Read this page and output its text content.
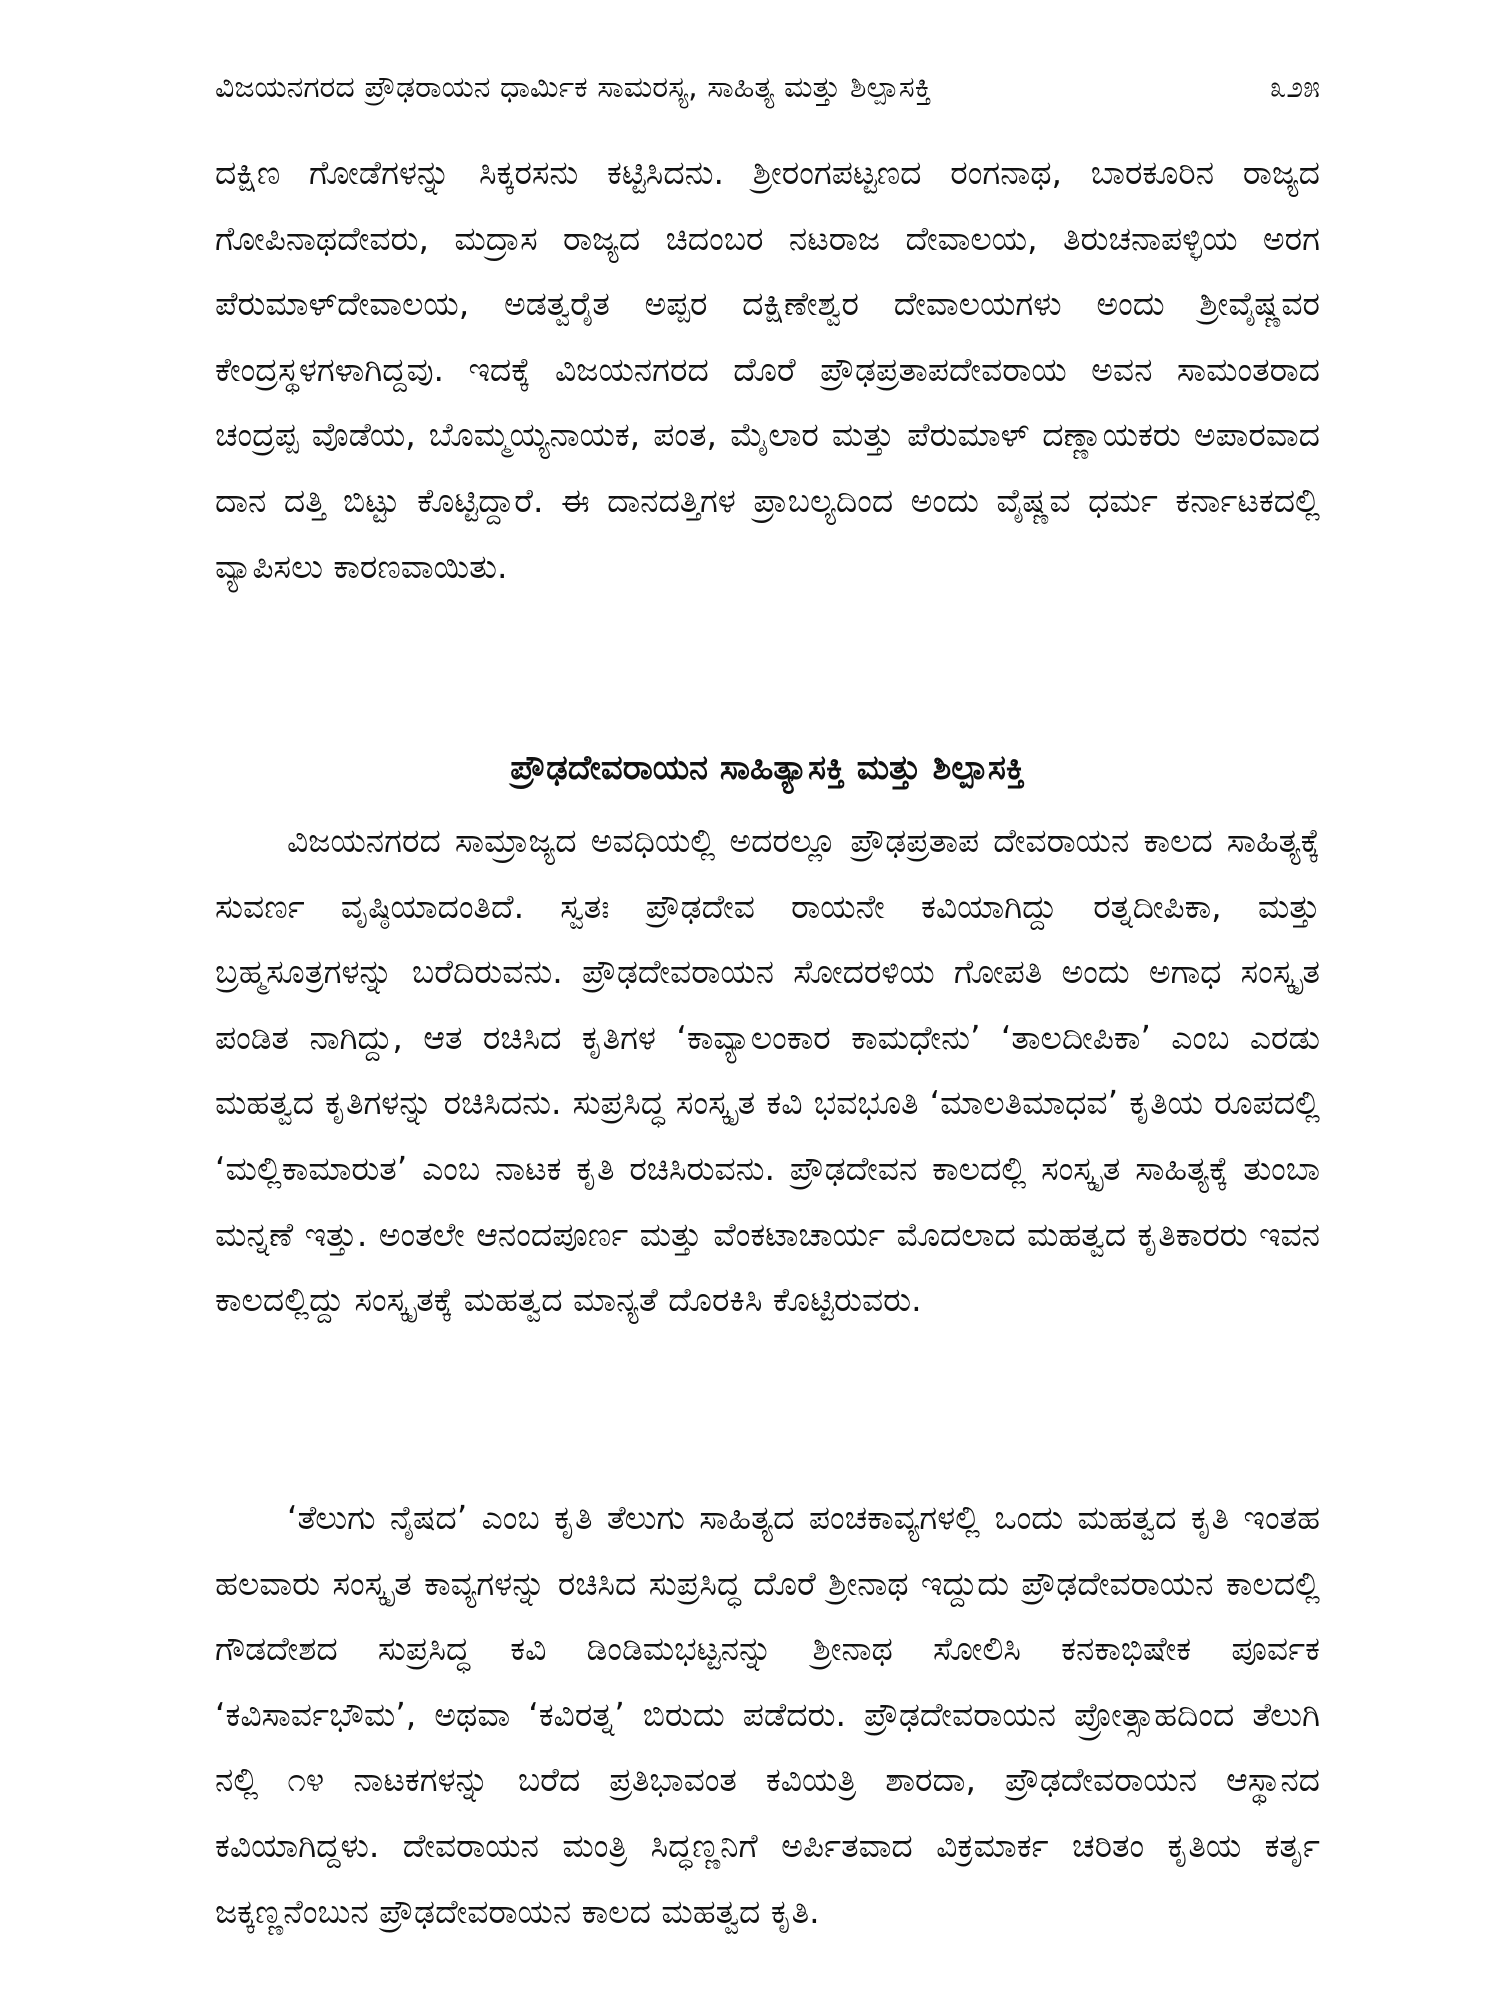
ವಿಜಯನಗರದ ಪ್ರೌಢರಾಯನ ಧಾರ್ಮಿಕ ಸಾಮರಸ್ಯ, ಸಾಹಿತ್ಯ ಮತ್ತು ಶಿಲ್ಪಾಸಕ್ತಿ	೩೨೫

ದಕ್ಷಿಣ ಗೋಡೆಗಳನ್ನು ಸಿಕ್ಕರಸನು ಕಟ್ಟಿಸಿದನು. ಶ್ರೀರಂಗಪಟ್ಟಣದ ರಂಗನಾಥ, ಬಾರಕೂರಿನ ರಾಜ್ಯದ ಗೋಪಿನಾಥದೇವರು, ಮದ್ರಾಸ ರಾಜ್ಯದ ಚಿದಂಬರ ನಟರಾಜ ದೇವಾಲಯ, ತಿರುಚನಾಪಳ್ಳಿಯ ಅರಗ ಪೆರುಮಾಳ್‌ದೇವಾಲಯ, ಅಡತ್ವರೈತ ಅಪ್ಪರ ದಕ್ಷಿಣೇಶ್ವರ ದೇವಾಲಯಗಳು ಅಂದು ಶ್ರೀವೈಷ್ಣವರ ಕೇಂದ್ರಸ್ಥಳಗಳಾಗಿದ್ದವು. ಇದಕ್ಕೆ ವಿಜಯನಗರದ ದೊರೆ ಪ್ರೌಢಪ್ರತಾಪದೇವರಾಯ ಅವನ ಸಾಮಂತರಾದ ಚಂದ್ರಪ್ಪ ವೊಡೆಯ, ಬೊಮ್ಮಯ್ಯನಾಯಕ, ಪಂತ, ಮೈಲಾರ ಮತ್ತು ಪೆರುಮಾಳ್ ದಣ್ಣಾಯಕರು ಅಪಾರವಾದ ದಾನ ದತ್ತಿ ಬಿಟ್ಟು ಕೊಟ್ಟಿದ್ದಾರೆ. ಈ ದಾನದತ್ತಿಗಳ ಪ್ರಾಬಲ್ಯದಿಂದ ಅಂದು ವೈಷ್ಣವ ಧರ್ಮ ಕರ್ನಾಟಕದಲ್ಲಿ ವ್ಯಾಪಿಸಲು ಕಾರಣವಾಯಿತು.

ಪ್ರೌಢದೇವರಾಯನ ಸಾಹಿತ್ಯಾಸಕ್ತಿ ಮತ್ತು ಶಿಲ್ಪಾಸಕ್ತಿ

ವಿಜಯನಗರದ ಸಾಮ್ರಾಜ್ಯದ ಅವಧಿಯಲ್ಲಿ ಅದರಲ್ಲೂ ಪ್ರೌಢಪ್ರತಾಪ ದೇವರಾಯನ ಕಾಲದ ಸಾಹಿತ್ಯಕ್ಕೆ ಸುವರ್ಣ ವೃಷ್ಠಿಯಾದಂತಿದೆ. ಸ್ವತಃ ಪ್ರೌಢದೇವ ರಾಯನೇ ಕವಿಯಾಗಿದ್ದು ರತ್ನದೀಪಿಕಾ, ಮತ್ತು ಬ್ರಹ್ಮಸೂತ್ರಗಳನ್ನು ಬರೆದಿರುವನು. ಪ್ರೌಢದೇವರಾಯನ ಸೋದರಳಿಯ ಗೋಪತಿ ಅಂದು ಅಗಾಧ ಸಂಸ್ಕೃತ ಪಂಡಿತ ನಾಗಿದ್ದು, ಆತ ರಚಿಸಿದ ಕೃತಿಗಳ ‘ಕಾವ್ಯಾಲಂಕಾರ ಕಾಮಧೇನು’ ‘ತಾಲದೀಪಿಕಾ’ ಎಂಬ ಎರಡು ಮಹತ್ವದ ಕೃತಿಗಳನ್ನು ರಚಿಸಿದನು. ಸುಪ್ರಸಿದ್ಧ ಸಂಸ್ಕೃತ ಕವಿ ಭವಭೂತಿ ‘ಮಾಲತಿಮಾಧವ’ ಕೃತಿಯ ರೂಪದಲ್ಲಿ ‘ಮಲ್ಲಿಕಾಮಾರುತ’ ಎಂಬ ನಾಟಕ ಕೃತಿ ರಚಿಸಿರುವನು. ಪ್ರೌಢದೇವನ ಕಾಲದಲ್ಲಿ ಸಂಸ್ಕೃತ ಸಾಹಿತ್ಯಕ್ಕೆ ತುಂಬಾ ಮನ್ನಣೆ ಇತ್ತು. ಅಂತಲೇ ಆನಂದಪೂರ್ಣ ಮತ್ತು ವೆಂಕಟಾಚಾರ್ಯ ಮೊದಲಾದ ಮಹತ್ವದ ಕೃತಿಕಾರರು ಇವನ ಕಾಲದಲ್ಲಿದ್ದು ಸಂಸ್ಕೃತಕ್ಕೆ ಮಹತ್ವದ ಮಾನ್ಯತೆ ದೊರಕಿಸಿ ಕೊಟ್ಟಿರುವರು.

‘ತೆಲುಗು ನೈಷದ’ ಎಂಬ ಕೃತಿ ತೆಲುಗು ಸಾಹಿತ್ಯದ ಪಂಚಕಾವ್ಯಗಳಲ್ಲಿ ಒಂದು ಮಹತ್ವದ ಕೃತಿ ಇಂತಹ ಹಲವಾರು ಸಂಸ್ಕೃತ ಕಾವ್ಯಗಳನ್ನು ರಚಿಸಿದ ಸುಪ್ರಸಿದ್ಧ ದೊರೆ ಶ್ರೀನಾಥ ಇದ್ದುದು ಪ್ರೌಢದೇವರಾಯನ ಕಾಲದಲ್ಲಿ ಗೌಡದೇಶದ ಸುಪ್ರಸಿದ್ಧ ಕವಿ ಡಿಂಡಿಮಭಟ್ಟನನ್ನು ಶ್ರೀನಾಥ ಸೋಲಿಸಿ ಕನಕಾಭಿಷೇಕ ಪೂರ್ವಕ ‘ಕವಿಸಾರ್ವಭೌಮ’, ಅಥವಾ ‘ಕವಿರತ್ನ’ ಬಿರುದು ಪಡೆದರು. ಪ್ರೌಢದೇವರಾಯನ ಪ್ರೋತ್ಸಾಹದಿಂದ ತೆಲುಗಿ ನಲ್ಲಿ ೧೪ ನಾಟಕಗಳನ್ನು ಬರೆದ ಪ್ರತಿಭಾವಂತ ಕವಿಯತ್ರಿ ಶಾರದಾ, ಪ್ರೌಢದೇವರಾಯನ ಆಸ್ಥಾನದ ಕವಿಯಾಗಿದ್ದಳು. ದೇವರಾಯನ ಮಂತ್ರಿ ಸಿದ್ಧಣ್ಣನಿಗೆ ಅರ್ಪಿತವಾದ ವಿಕ್ರಮಾರ್ಕ ಚರಿತಂ ಕೃತಿಯ ಕರ್ತೃ ಜಕ್ಕಣ್ಣನೆಂಬುನ ಪ್ರೌಢದೇವರಾಯನ ಕಾಲದ ಮಹತ್ವದ ಕೃತಿ.
